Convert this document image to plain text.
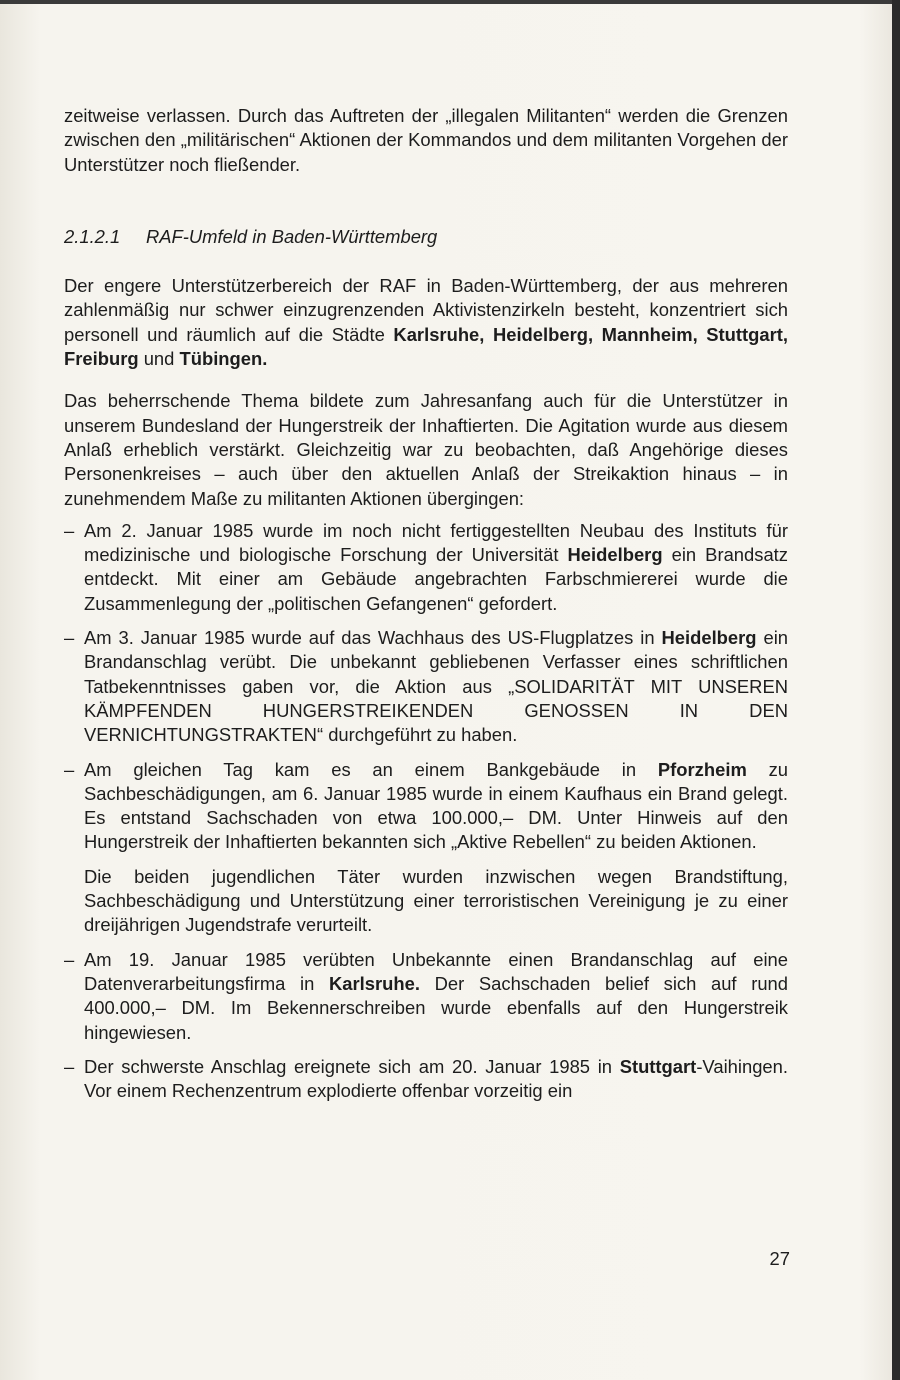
zeitweise verlassen. Durch das Auftreten der „illegalen Militanten“ werden die Grenzen zwischen den „militärischen“ Aktionen der Kommandos und dem militanten Vorgehen der Unterstützer noch fließender.

2.1.2.1	RAF-Umfeld in Baden-Württemberg

Der engere Unterstützerbereich der RAF in Baden-Württemberg, der aus mehreren zahlenmäßig nur schwer einzugrenzenden Aktivistenzirkeln besteht, konzentriert sich personell und räumlich auf die Städte Karlsruhe, Heidelberg, Mannheim, Stuttgart, Freiburg und Tübingen.

Das beherrschende Thema bildete zum Jahresanfang auch für die Unterstützer in unserem Bundesland der Hungerstreik der Inhaftierten. Die Agitation wurde aus diesem Anlaß erheblich verstärkt. Gleichzeitig war zu beobachten, daß Angehörige dieses Personenkreises – auch über den aktuellen Anlaß der Streikaktion hinaus – in zunehmendem Maße zu militanten Aktionen übergingen:

– Am 2. Januar 1985 wurde im noch nicht fertiggestellten Neubau des Instituts für medizinische und biologische Forschung der Universität Heidelberg ein Brandsatz entdeckt. Mit einer am Gebäude angebrachten Farbschmiererei wurde die Zusammenlegung der „politischen Gefangenen“ gefordert.

– Am 3. Januar 1985 wurde auf das Wachhaus des US-Flugplatzes in Heidelberg ein Brandanschlag verübt. Die unbekannt gebliebenen Verfasser eines schriftlichen Tatbekenntnisses gaben vor, die Aktion aus „SOLIDARITÄT MIT UNSEREN KÄMPFENDEN HUNGERSTREIKENDEN GENOSSEN IN DEN VERNICHTUNGSTRAKTEN“ durchgeführt zu haben.

– Am gleichen Tag kam es an einem Bankgebäude in Pforzheim zu Sachbeschädigungen, am 6. Januar 1985 wurde in einem Kaufhaus ein Brand gelegt. Es entstand Sachschaden von etwa 100.000,– DM. Unter Hinweis auf den Hungerstreik der Inhaftierten bekannten sich „Aktive Rebellen“ zu beiden Aktionen.

Die beiden jugendlichen Täter wurden inzwischen wegen Brandstiftung, Sachbeschädigung und Unterstützung einer terroristischen Vereinigung je zu einer dreijährigen Jugendstrafe verurteilt.

– Am 19. Januar 1985 verübten Unbekannte einen Brandanschlag auf eine Datenverarbeitungsfirma in Karlsruhe. Der Sachschaden belief sich auf rund 400.000,– DM. Im Bekennerschreiben wurde ebenfalls auf den Hungerstreik hingewiesen.

– Der schwerste Anschlag ereignete sich am 20. Januar 1985 in Stuttgart-Vaihingen. Vor einem Rechenzentrum explodierte offenbar vorzeitig ein

27
